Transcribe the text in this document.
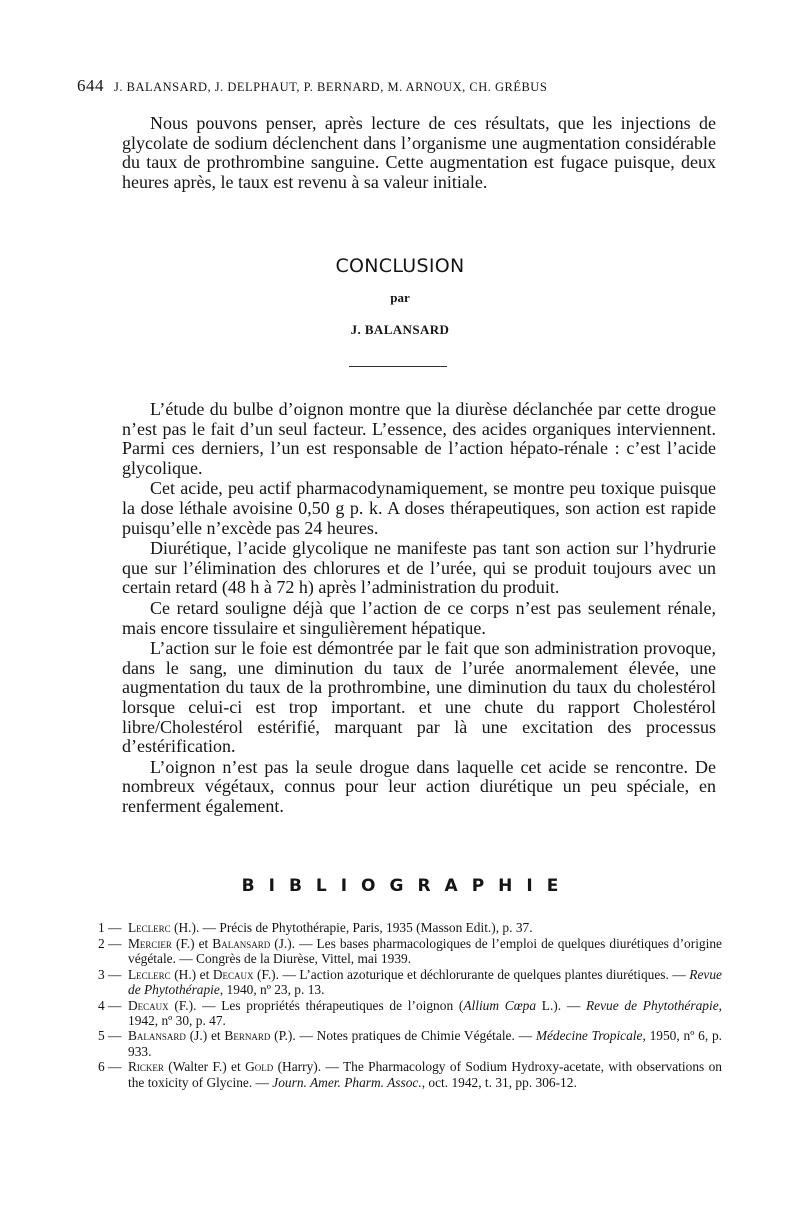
644 J. BALANSARD, J. DELPHAUT, P. BERNARD, M. ARNOUX, CH. GRÉBUS

Nous pouvons penser, après lecture de ces résultats, que les injections de glycolate de sodium déclenchent dans l’organisme une augmentation considérable du taux de prothrombine sanguine. Cette augmentation est fugace puisque, deux heures après, le taux est revenu à sa valeur initiale.

CONCLUSION
par
J. BALANSARD

L’étude du bulbe d’oignon montre que la diurèse déclanchée par cette drogue n’est pas le fait d’un seul facteur. L’essence, des acides organiques interviennent. Parmi ces derniers, l’un est responsable de l’action hépato-rénale : c’est l’acide glycolique.

Cet acide, peu actif pharmacodynamiquement, se montre peu toxique puisque la dose léthale avoisine 0,50 g p. k. A doses thérapeutiques, son action est rapide puisqu’elle n’excède pas 24 heures.

Diurétique, l’acide glycolique ne manifeste pas tant son action sur l’hydrurie que sur l’élimination des chlorures et de l’urée, qui se produit toujours avec un certain retard (48 h à 72 h) après l’administration du produit.

Ce retard souligne déjà que l’action de ce corps n’est pas seulement rénale, mais encore tissulaire et singulièrement hépatique.

L’action sur le foie est démontrée par le fait que son administration provoque, dans le sang, une diminution du taux de l’urée anormalement élevée, une augmentation du taux de la prothrombine, une diminution du taux du cholestérol lorsque celui-ci est trop important. et une chute du rapport Cholestérol libre/Cholestérol estérifié, marquant par là une excitation des processus d’estérification.

L’oignon n’est pas la seule drogue dans laquelle cet acide se rencontre. De nombreux végétaux, connus pour leur action diurétique un peu spéciale, en renferment également.

BIBLIOGRAPHIE
1 — Leclerc (H.). — Précis de Phytothérapie, Paris, 1935 (Masson Edit.), p. 37.
2 — Mercier (F.) et Balansard (J.). — Les bases pharmacologiques de l’emploi de quelques diurétiques d’origine végétale. — Congrès de la Diurèse, Vittel, mai 1939.
3 — Leclerc (H.) et Decaux (F.). — L’action azoturique et déchlorurante de quelques plantes diurétiques. — Revue de Phytothérapie, 1940, nº 23, p. 13.
4 — Decaux (F.). — Les propriétés thérapeutiques de l’oignon (Allium Cœpa L.). — Revue de Phytothérapie, 1942, nº 30, p. 47.
5 — Balansard (J.) et Bernard (P.). — Notes pratiques de Chimie Végétale. — Médecine Tropicale, 1950, nº 6, p. 933.
6 — Ricker (Walter F.) et Gold (Harry). — The Pharmacology of Sodium Hydroxy-acetate, with observations on the toxicity of Glycine. — Journ. Amer. Pharm. Assoc., oct. 1942, t. 31, pp. 306-12.
